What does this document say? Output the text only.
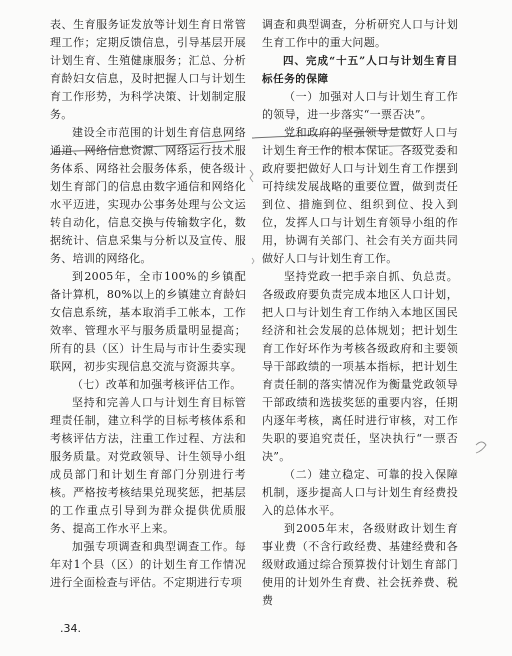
表、生育服务证发放等计划生育日常管理工作；定期反馈信息，引导基层开展计划生育、生殖健康服务；汇总、分析育龄妇女信息，及时把握人口与计划生育工作形势，为科学决策、计划制定服务。

建设全市范围的计划生育信息网络通道、网络信息资源、网络运行技术服务体系、网络社会服务体系，使各级计划生育部门的信息由数字通信和网络化水平迈进，实现办公事务处理与公文运转自动化，信息交换与传输数字化，数据统计、信息采集与分析以及宣传、服务、培训的网络化。

到2005年，全市100%的乡镇配备计算机，80%以上的乡镇建立育龄妇女信息系统，基本取消手工帐本，工作效率、管理水平与服务质量明显提高；所有的县（区）计生局与市计生委实现联网，初步实现信息交流与资源共享。

（七）改革和加强考核评估工作。

坚持和完善人口与计划生育目标管理责任制，建立科学的目标考核体系和考核评估方法，注重工作过程、方法和服务质量。对党政领导、计生领导小组成员部门和计划生育部门分别进行考核。严格按考核结果兑现奖惩，把基层的工作重点引导到为群众提供优质服务、提高工作水平上来。

加强专项调查和典型调查工作。每年对1个县（区）的计划生育工作情况进行全面检查与评估。不定期进行专项

调查和典型调查，分析研究人口与计划生育工作中的重大问题。

四、完成“十五”人口与计划生育目标任务的保障

（一）加强对人口与计划生育工作的领导，进一步落实“一票否决”。

党和政府的坚强领导是做好人口与计划生育工作的根本保证。各级党委和政府要把做好人口与计划生育工作摆到可持续发展战略的重要位置，做到责任到位、措施到位、组织到位、投入到位，发挥人口与计划生育领导小组的作用，协调有关部门、社会有关方面共同做好人口与计划生育工作。

坚持党政一把手亲自抓、负总责。各级政府要负责完成本地区人口计划，把人口与计划生育工作纳入本地区国民经济和社会发展的总体规划；把计划生育工作好坏作为考核各级政府和主要领导干部政绩的一项基本指标，把计划生育责任制的落实情况作为衡量党政领导干部政绩和选拔奖惩的重要内容，任期内逐年考核，离任时进行审核，对工作失职的要追究责任，坚决执行“一票否决”。

（二）建立稳定、可靠的投入保障机制，逐步提高人口与计划生育经费投入的总体水平。

到2005年末，各级财政计划生育事业费（不含行政经费、基建经费和各级财政通过综合预算拨付计划生育部门使用的计划外生育费、社会抚养费、税费

.34.
